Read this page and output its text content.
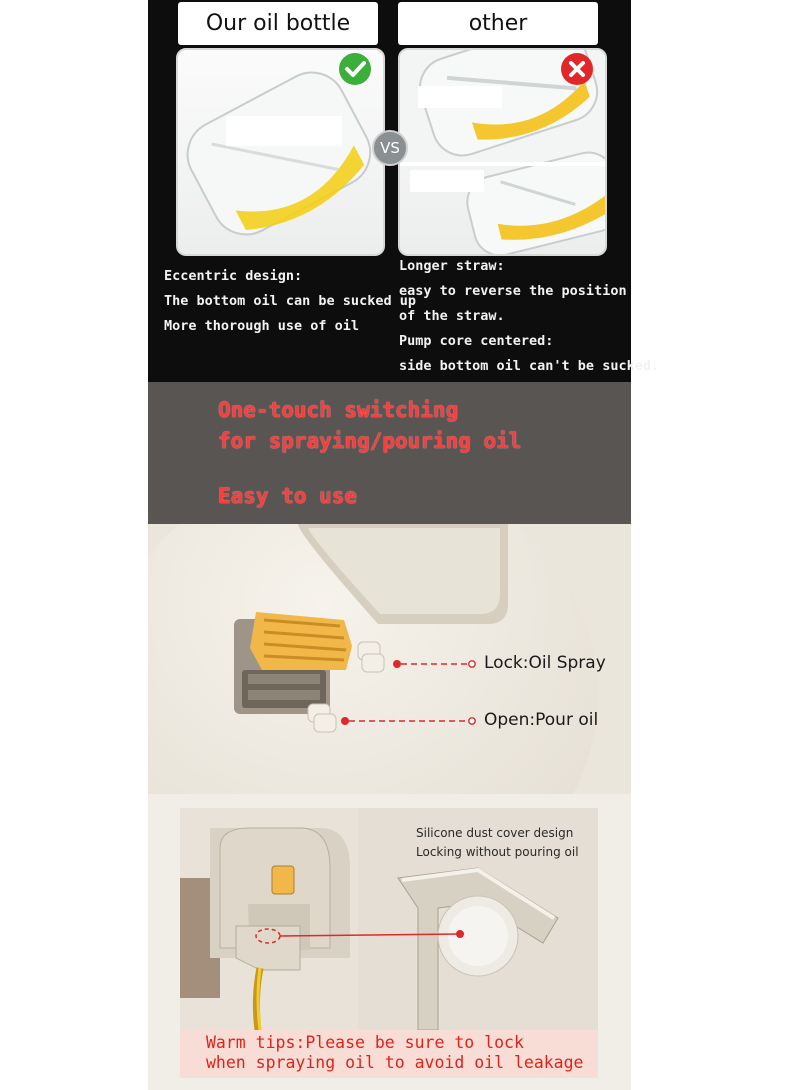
Our oil bottle	other
VS
Eccentric design:
The bottom oil can be sucked up
More thorough use of oil
Longer straw:
easy to reverse the position
of the straw.
Pump core centered:
side bottom oil can't be sucked.
One-touch switching
for spraying/pouring oil
Easy to use
Lock:Oil Spray
Open:Pour oil
Silicone dust cover design
Locking without pouring oil
Warm tips:Please be sure to lock
when spraying oil to avoid oil leakage
